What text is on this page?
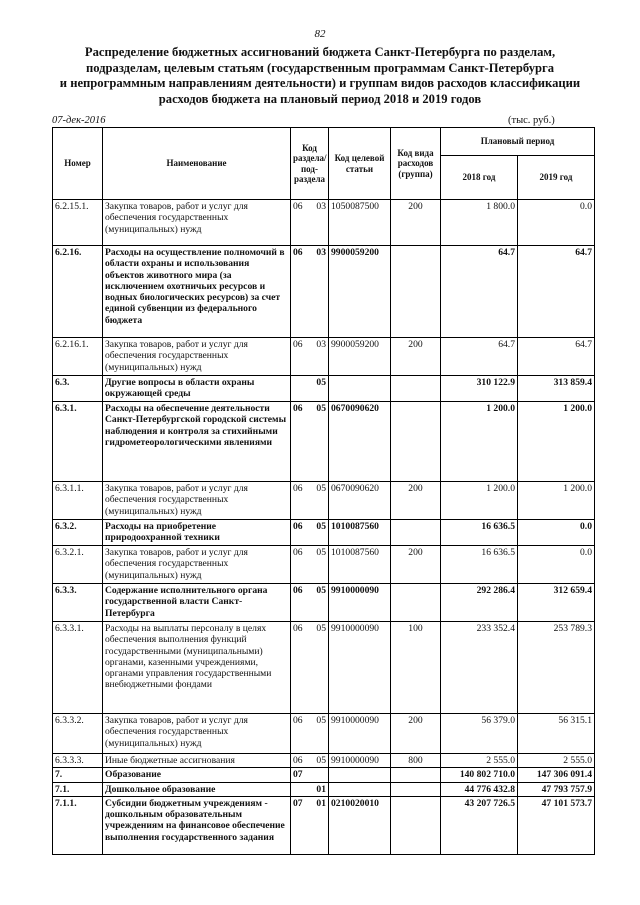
82
Распределение бюджетных ассигнований бюджета Санкт-Петербурга по разделам,
подразделам, целевым статьям (государственным программам Санкт-Петербурга
и непрограммным направлениям деятельности) и группам видов расходов классификации
расходов бюджета на плановый период 2018 и 2019 годов
07-дек-2016	(тыс. руб.)
Номер	Наименование	Код раздела/ под- раздела		Код целевой статьи	Код вида расходов (группа)	Плановый период	
						2018 год	2019 год
6.2.15.1.	Закупка товаров, работ и услуг для обеспечения государственных (муниципальных) нужд	06	03	1050087500	200	1 800.0	0.0
6.2.16.	Расходы на осуществление полномочий в области охраны и использования объектов животного мира (за исключением охотничьих ресурсов и водных биологических ресурсов) за счет единой субвенции из федерального бюджета	06	03	9900059200		64.7	64.7
6.2.16.1.	Закупка товаров, работ и услуг для обеспечения государственных (муниципальных) нужд	06	03	9900059200	200	64.7	64.7
6.3.	Другие вопросы в области охраны окружающей среды		05			310 122.9	313 859.4
6.3.1.	Расходы на обеспечение деятельности Санкт-Петербургской городской системы наблюдения и контроля за стихийными гидрометеорологическими явлениями	06	05	0670090620		1 200.0	1 200.0
6.3.1.1.	Закупка товаров, работ и услуг для обеспечения государственных (муниципальных) нужд	06	05	0670090620	200	1 200.0	1 200.0
6.3.2.	Расходы на приобретение природоохранной техники	06	05	1010087560		16 636.5	0.0
6.3.2.1.	Закупка товаров, работ и услуг для обеспечения государственных (муниципальных) нужд	06	05	1010087560	200	16 636.5	0.0
6.3.3.	Содержание исполнительного органа государственной власти Санкт-Петербурга	06	05	9910000090		292 286.4	312 659.4
6.3.3.1.	Расходы на выплаты персоналу в целях обеспечения выполнения функций государственными (муниципальными) органами, казенными учреждениями, органами управления государственными внебюджетными фондами	06	05	9910000090	100	233 352.4	253 789.3
6.3.3.2.	Закупка товаров, работ и услуг для обеспечения государственных (муниципальных) нужд	06	05	9910000090	200	56 379.0	56 315.1
6.3.3.3.	Иные бюджетные ассигнования	06	05	9910000090	800	2 555.0	2 555.0
7.	Образование	07				140 802 710.0	147 306 091.4
7.1.	Дошкольное образование		01			44 776 432.8	47 793 757.9
7.1.1.	Субсидии бюджетным учреждениям - дошкольным образовательным учреждениям на финансовое обеспечение выполнения государственного задания	07	01	0210020010		43 207 726.5	47 101 573.7
